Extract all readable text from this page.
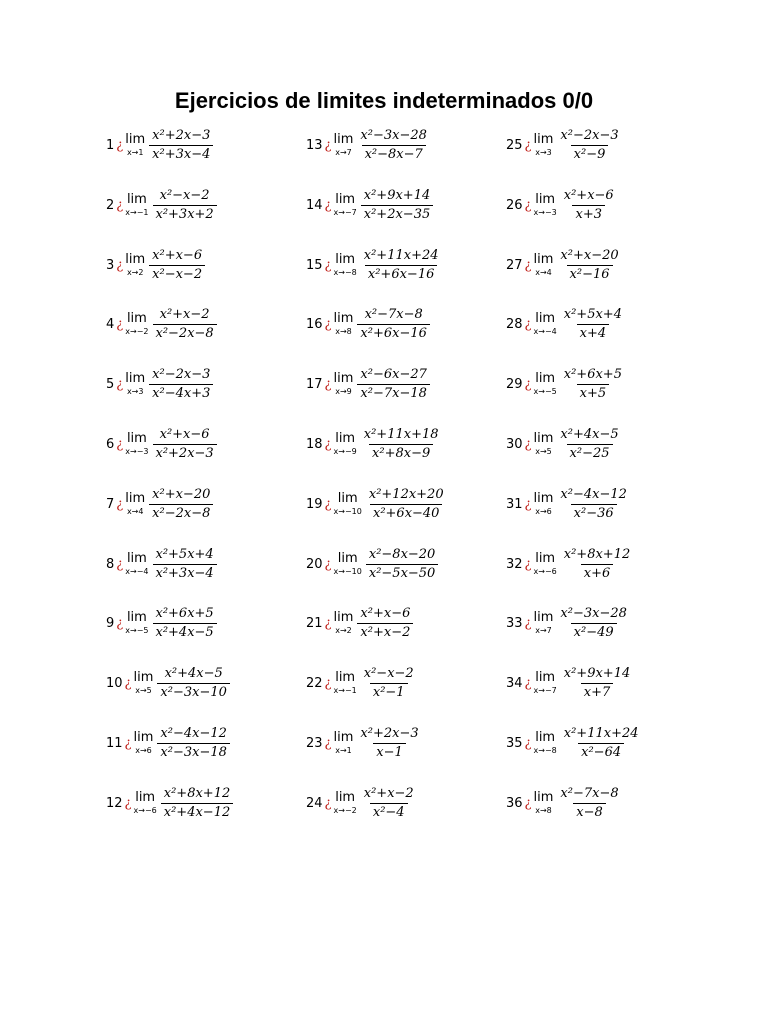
Ejercicios de limites indeterminados 0/0
1 ¿ lim
$x\to 1 \frac{\text{x²+2x−3}}{\text{x²+3x−4}}$
2 ¿ lim
$x\to-1 \frac{\text{x²−x−2}}{\text{x²+3x+2}}$
3 ¿ lim
$x\to 2 \frac{\text{x²+x−6}}{\text{x²−x−2}}$
4 ¿ lim
$x\to-2 \frac{\text{x²+x−2}}{\text{x²−2x−8}}$
5 ¿ lim
$x\to 3 \frac{\text{x²−2x−3}}{\text{x²−4x+3}}$
6 ¿ lim
$x\to-3 \frac{\text{x²+x−6}}{\text{x²+2x−3}}$
7 ¿ lim
$x\to 4 \frac{\text{x²+x−20}}{\text{x²−2x−8}}$
8 ¿ lim
$x\to-4 \frac{\text{x²+5x+4}}{\text{x²+3x−4}}$
9 ¿ lim
$x\to-5 \frac{\text{x²+6x+5}}{\text{x²+4x−5}}$
10 ¿ lim
$x\to 5 \frac{\text{x²+4x−5}}{\text{x²−3x−10}}$
11 ¿ lim
$x\to 6 \frac{\text{x²−4x−12}}{\text{x²−3x−18}}$
12 ¿ lim
$x\to-6 \frac{\text{x²+8x+12}}{\text{x²+4x−12}}$
13 ¿ lim
$x\to 7 \frac{\text{x²−3x−28}}{\text{x²−8x−7}}$
14 ¿ lim
$x\to-7 \frac{\text{x²+9x+14}}{\text{x²+2x−35}}$
15 ¿ lim
$x\to-8 \frac{\text{x²+11x+24}}{\text{x²+6x−16}}$
16 ¿ lim
$x\to 8 \frac{\text{x²−7x−8}}{\text{x²+6x−16}}$
17 ¿ lim
$x\to 9 \frac{\text{x²−6x−27}}{\text{x²−7x−18}}$
18 ¿ lim
$x\to-9 \frac{\text{x²+11x+18}}{\text{x²+8x−9}}$
19 ¿ lim
$x\to-10 \frac{\text{x²+12x+20}}{\text{x²+6x−40}}$
20 ¿ lim
$x\to-10 \frac{\text{x²−8x−20}}{\text{x²−5x−50}}$
21 ¿ lim
$x\to 2 \frac{\text{x²+x−6}}{\text{x²+x−2}}$
22 ¿ lim
$x\to-1 \frac{\text{x²−x−2}}{\text{x²−1}}$
23 ¿ lim
$x\to 1 \frac{\text{x²+2x−3}}{x-1}$
24 ¿ lim
$x\to-2 \frac{\text{x²+x−2}}{\text{x²−4}}$
25 ¿ lim
$x\to 3 \frac{\text{x²−2x−3}}{\text{x²−9}}$
26 ¿ lim
$x\to-3 \frac{\text{x²+x−6}}{x+3}$
27 ¿ lim
$x\to 4 \frac{\text{x²+x−20}}{\text{x²−16}}$
28 ¿ lim
$x\to-4 \frac{\text{x²+5x+4}}{x+4}$
29 ¿ lim
$x\to-5 \frac{\text{x²+6x+5}}{x+5}$
30 ¿ lim
$x\to 5 \frac{\text{x²+4x−5}}{\text{x²−25}}$
31 ¿ lim
$x\to 6 \frac{\text{x²−4x−12}}{\text{x²−36}}$
32 ¿ lim
$x\to-6 \frac{\text{x²+8x+12}}{x+6}$
33 ¿ lim
$x\to 7 \frac{\text{x²−3x−28}}{\text{x²−49}}$
34 ¿ lim
$x\to-7 \frac{\text{x²+9x+14}}{x+7}$
35 ¿ lim
$x\to-8 \frac{\text{x²+11x+24}}{\text{x²−64}}$
36 ¿ lim
$x\to 8 \frac{\text{x²−7x−8}}{x-8}$
